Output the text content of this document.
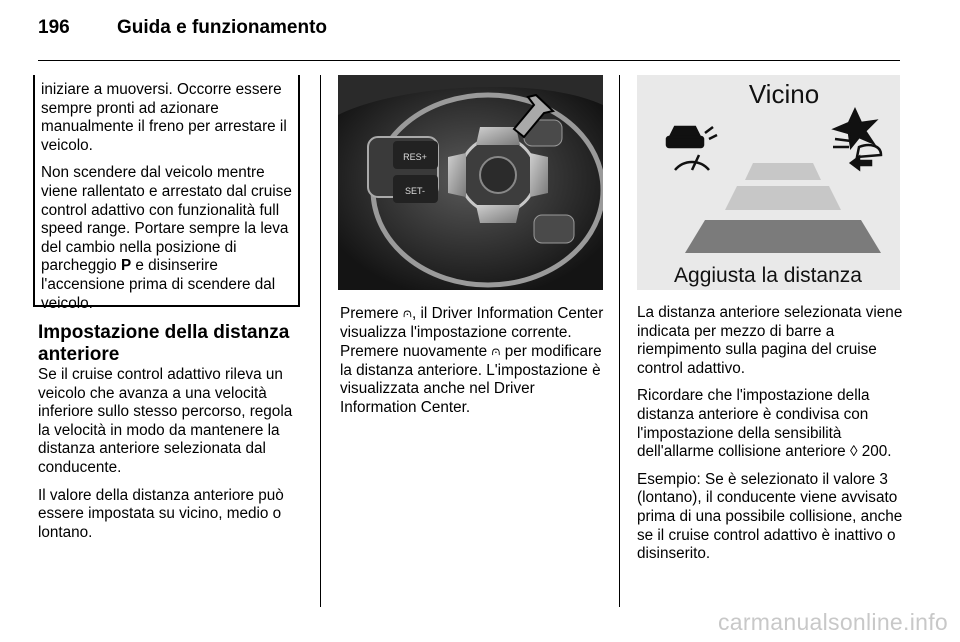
196 Guida e funzionamento

iniziare a muoversi. Occorre essere sempre pronti ad azionare manualmente il freno per arrestare il veicolo.

Non scendere dal veicolo mentre viene rallentato e arrestato dal cruise control adattivo con funzionalità full speed range. Portare sempre la leva del cambio nella posizione di parcheggio P e disinserire l'accensione prima di scendere dal veicolo.

Impostazione della distanza anteriore

Se il cruise control adattivo rileva un veicolo che avanza a una velocità inferiore sullo stesso percorso, regola la velocità in modo da mantenere la distanza anteriore selezionata dal conducente.

Il valore della distanza anteriore può essere impostata su vicino, medio o lontano.

RES+
SET-

Premere ⩀, il Driver Information Center visualizza l'impostazione corrente. Premere nuovamente ⩀ per modificare la distanza anteriore. L'impostazione è visualizzata anche nel Driver Information Center.

Vicino
Aggiusta la distanza

La distanza anteriore selezionata viene indicata per mezzo di barre a riempimento sulla pagina del cruise control adattivo.

Ricordare che l'impostazione della distanza anteriore è condivisa con l'impostazione della sensibilità dell'allarme collisione anteriore ◊ 200.

Esempio: Se è selezionato il valore 3 (lontano), il conducente viene avvisato prima di una possibile collisione, anche se il cruise control adattivo è inattivo o disinserito.

carmanualsonline.info
